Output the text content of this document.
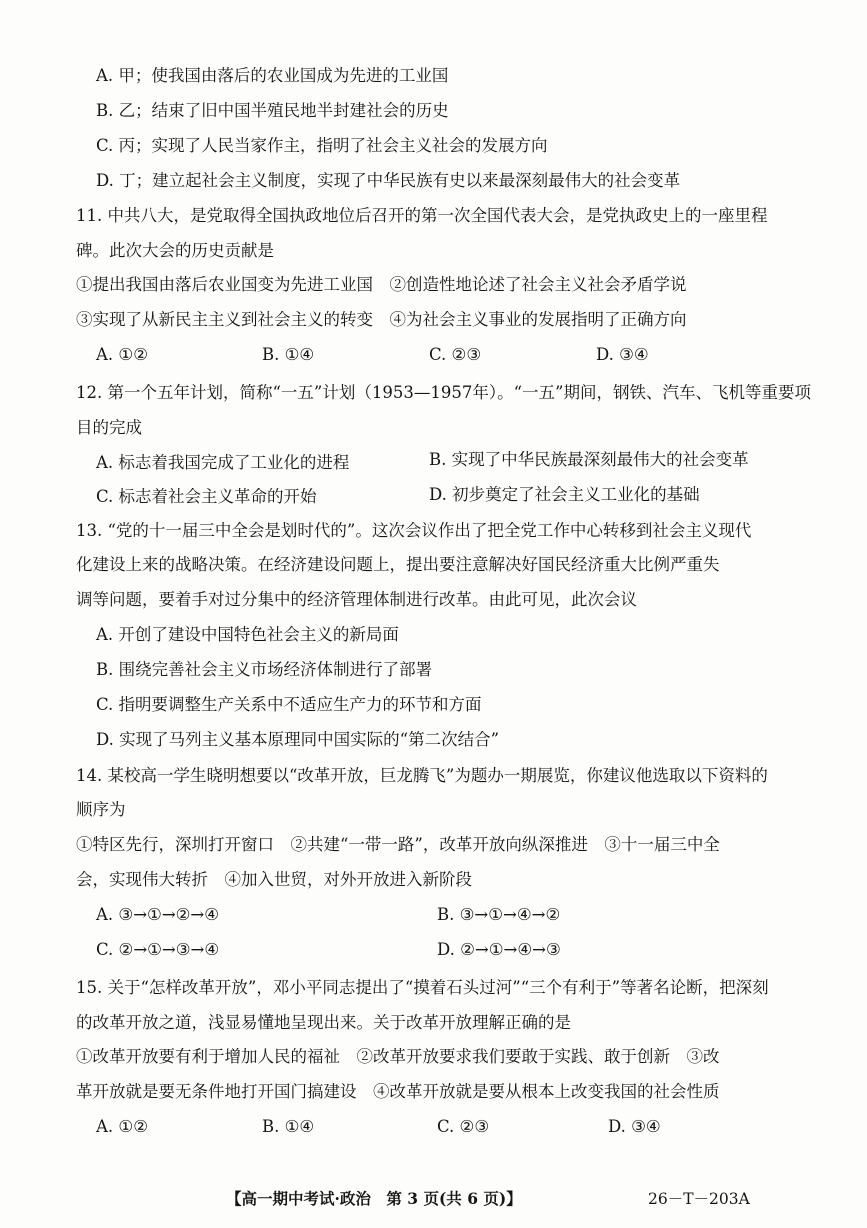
A. 甲；使我国由落后的农业国成为先进的工业国
B. 乙；结束了旧中国半殖民地半封建社会的历史
C. 丙；实现了人民当家作主，指明了社会主义社会的发展方向
D. 丁；建立起社会主义制度，实现了中华民族有史以来最深刻最伟大的社会变革
11. 中共八大，是党取得全国执政地位后召开的第一次全国代表大会，是党执政史上的一座里程
碑。此次大会的历史贡献是
①提出我国由落后农业国变为先进工业国　②创造性地论述了社会主义社会矛盾学说
③实现了从新民主主义到社会主义的转变　④为社会主义事业的发展指明了正确方向
A. ①②	B. ①④	C. ②③	D. ③④
12. 第一个五年计划，简称“一五”计划（1953—1957年）。“一五”期间，钢铁、汽车、飞机等重要项
目的完成
A. 标志着我国完成了工业化的进程	B. 实现了中华民族最深刻最伟大的社会变革
C. 标志着社会主义革命的开始	D. 初步奠定了社会主义工业化的基础
13. “党的十一届三中全会是划时代的”。这次会议作出了把全党工作中心转移到社会主义现代
化建设上来的战略决策。在经济建设问题上，提出要注意解决好国民经济重大比例严重失
调等问题，要着手对过分集中的经济管理体制进行改革。由此可见，此次会议
A. 开创了建设中国特色社会主义的新局面
B. 围绕完善社会主义市场经济体制进行了部署
C. 指明要调整生产关系中不适应生产力的环节和方面
D. 实现了马列主义基本原理同中国实际的“第二次结合”
14. 某校高一学生晓明想要以“改革开放，巨龙腾飞”为题办一期展览，你建议他选取以下资料的
顺序为
①特区先行，深圳打开窗口　②共建“一带一路”，改革开放向纵深推进　③十一届三中全
会，实现伟大转折　④加入世贸，对外开放进入新阶段
A. ③→①→②→④	B. ③→①→④→②
C. ②→①→③→④	D. ②→①→④→③
15. 关于“怎样改革开放”，邓小平同志提出了“摸着石头过河”“三个有利于”等著名论断，把深刻
的改革开放之道，浅显易懂地呈现出来。关于改革开放理解正确的是
①改革开放要有利于增加人民的福祉　②改革开放要求我们要敢于实践、敢于创新　③改
革开放就是要无条件地打开国门搞建设　④改革开放就是要从根本上改变我国的社会性质
A. ①②	B. ①④	C. ②③	D. ③④
【高一期中考试·政治　第 3 页(共 6 页)】	26－T－203A
